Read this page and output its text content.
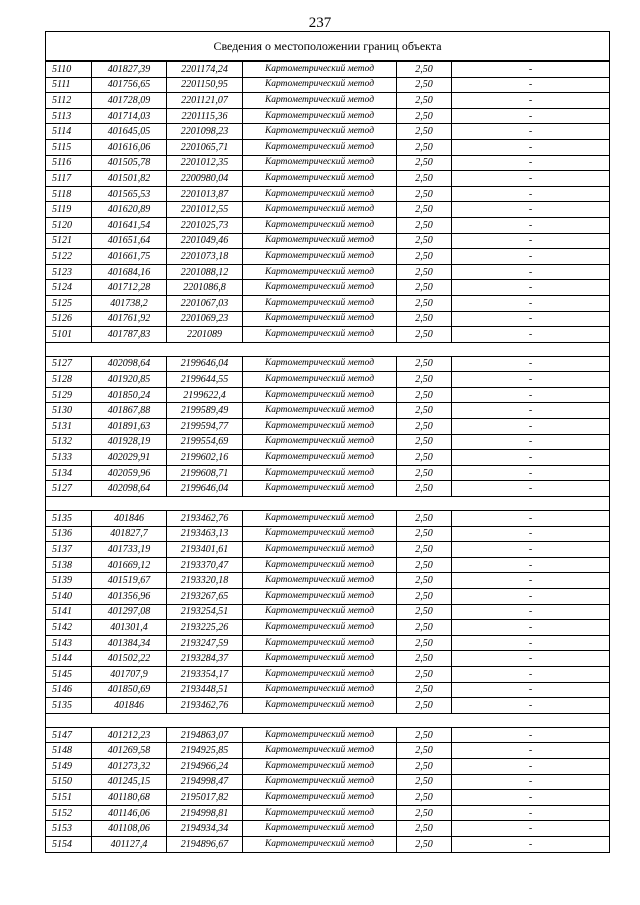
237
Сведения о местоположении границ объекта					
5110	401827,39	2201174,24	Картометрический метод	2,50	-
5111	401756,65	2201150,95	Картометрический метод	2,50	-
5112	401728,09	2201121,07	Картометрический метод	2,50	-
5113	401714,03	2201115,36	Картометрический метод	2,50	-
5114	401645,05	2201098,23	Картометрический метод	2,50	-
5115	401616,06	2201065,71	Картометрический метод	2,50	-
5116	401505,78	2201012,35	Картометрический метод	2,50	-
5117	401501,82	2200980,04	Картометрический метод	2,50	-
5118	401565,53	2201013,87	Картометрический метод	2,50	-
5119	401620,89	2201012,55	Картометрический метод	2,50	-
5120	401641,54	2201025,73	Картометрический метод	2,50	-
5121	401651,64	2201049,46	Картометрический метод	2,50	-
5122	401661,75	2201073,18	Картометрический метод	2,50	-
5123	401684,16	2201088,12	Картометрический метод	2,50	-
5124	401712,28	2201086,8	Картометрический метод	2,50	-
5125	401738,2	2201067,03	Картометрический метод	2,50	-
5126	401761,92	2201069,23	Картометрический метод	2,50	-
5101	401787,83	2201089	Картометрический метод	2,50	-

5127	402098,64	2199646,04	Картометрический метод	2,50	-
5128	401920,85	2199644,55	Картометрический метод	2,50	-
5129	401850,24	2199622,4	Картометрический метод	2,50	-
5130	401867,88	2199589,49	Картометрический метод	2,50	-
5131	401891,63	2199594,77	Картометрический метод	2,50	-
5132	401928,19	2199554,69	Картометрический метод	2,50	-
5133	402029,91	2199602,16	Картометрический метод	2,50	-
5134	402059,96	2199608,71	Картометрический метод	2,50	-
5127	402098,64	2199646,04	Картометрический метод	2,50	-

5135	401846	2193462,76	Картометрический метод	2,50	-
5136	401827,7	2193463,13	Картометрический метод	2,50	-
5137	401733,19	2193401,61	Картометрический метод	2,50	-
5138	401669,12	2193370,47	Картометрический метод	2,50	-
5139	401519,67	2193320,18	Картометрический метод	2,50	-
5140	401356,96	2193267,65	Картометрический метод	2,50	-
5141	401297,08	2193254,51	Картометрический метод	2,50	-
5142	401301,4	2193225,26	Картометрический метод	2,50	-
5143	401384,34	2193247,59	Картометрический метод	2,50	-
5144	401502,22	2193284,37	Картометрический метод	2,50	-
5145	401707,9	2193354,17	Картометрический метод	2,50	-
5146	401850,69	2193448,51	Картометрический метод	2,50	-
5135	401846	2193462,76	Картометрический метод	2,50	-

5147	401212,23	2194863,07	Картометрический метод	2,50	-
5148	401269,58	2194925,85	Картометрический метод	2,50	-
5149	401273,32	2194966,24	Картометрический метод	2,50	-
5150	401245,15	2194998,47	Картометрический метод	2,50	-
5151	401180,68	2195017,82	Картометрический метод	2,50	-
5152	401146,06	2194998,81	Картометрический метод	2,50	-
5153	401108,06	2194934,34	Картометрический метод	2,50	-
5154	401127,4	2194896,67	Картометрический метод	2,50	-
